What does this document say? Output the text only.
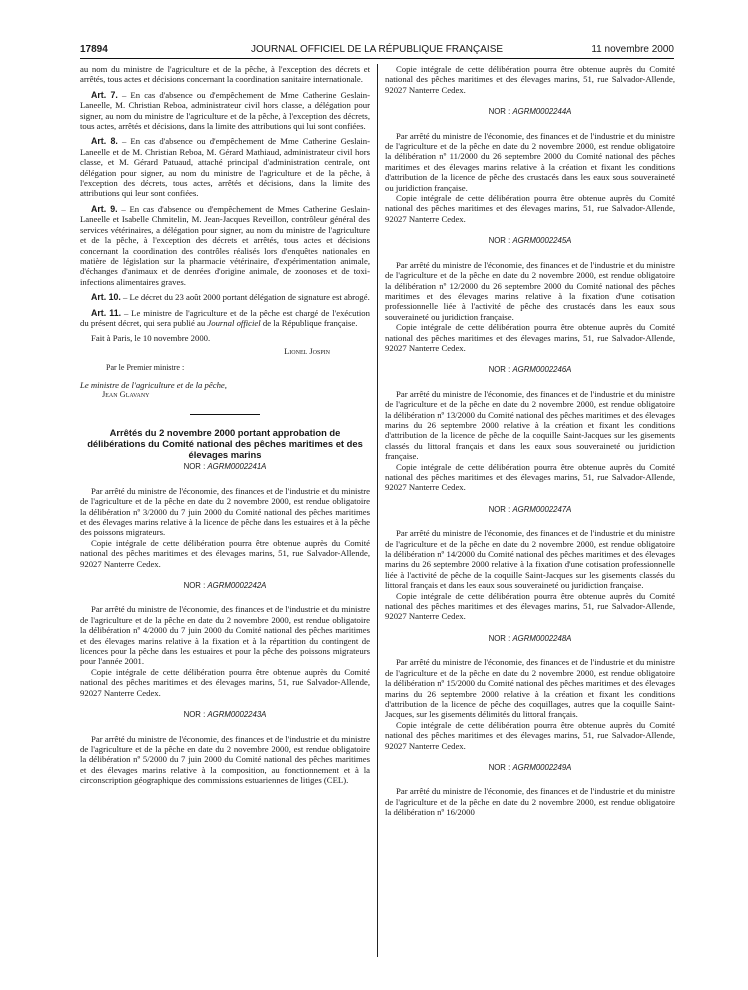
17894	JOURNAL OFFICIEL DE LA RÉPUBLIQUE FRANÇAISE	11 novembre 2000

au nom du ministre de l'agriculture et de la pêche, à l'exception des décrets et arrêtés, tous actes et décisions concernant la coordination sanitaire internationale.

Art. 7. – En cas d'absence ou d'empêchement de Mme Catherine Geslain-Laneelle, M. Christian Reboa, administrateur civil hors classe, a délégation pour signer, au nom du ministre de l'agriculture et de la pêche, à l'exception des décrets, tous actes, arrêtés et décisions, dans la limite des attributions qui lui sont confiées.

Art. 8. – En cas d'absence ou d'empêchement de Mme Catherine Geslain-Laneelle et de M. Christian Reboa, M. Gérard Mathiaud, administrateur civil hors classe, et M. Gérard Patuaud, attaché principal d'administration centrale, ont délégation pour signer, au nom du ministre de l'agriculture et de la pêche, à l'exception des décrets, tous actes, arrêtés et décisions, dans la limite des attributions qui leur sont confiées.

Art. 9. – En cas d'absence ou d'empêchement de Mmes Catherine Geslain-Laneelle et Isabelle Chmitelin, M. Jean-Jacques Reveillon, contrôleur général des services vétérinaires, a délégation pour signer, au nom du ministre de l'agriculture et de la pêche, à l'exception des décrets et arrêtés, tous actes et décisions concernant la coordination des contrôles réalisés lors d'enquêtes nationales en matière de législation sur la pharmacie vétérinaire, d'expérimentation animale, d'échanges d'animaux et de denrées d'origine animale, de zoonoses et de toxi-infections alimentaires graves.

Art. 10. – Le décret du 23 août 2000 portant délégation de signature est abrogé.

Art. 11. – Le ministre de l'agriculture et de la pêche est chargé de l'exécution du présent décret, qui sera publié au Journal officiel de la République française.

Fait à Paris, le 10 novembre 2000.

Lionel Jospin

Par le Premier ministre :

Le ministre de l'agriculture et de la pêche,

Jean Glavany

Arrêtés du 2 novembre 2000 portant approbation de délibérations du Comité national des pêches maritimes et des élevages marins

NOR : AGRM0002241A

Par arrêté du ministre de l'économie, des finances et de l'industrie et du ministre de l'agriculture et de la pêche en date du 2 novembre 2000, est rendue obligatoire la délibération nº 3/2000 du 7 juin 2000 du Comité national des pêches maritimes et des élevages marins relative à la licence de pêche dans les estuaires et à la pêche des poissons migrateurs.

Copie intégrale de cette délibération pourra être obtenue auprès du Comité national des pêches maritimes et des élevages marins, 51, rue Salvador-Allende, 92027 Nanterre Cedex.

NOR : AGRM0002242A

Par arrêté du ministre de l'économie, des finances et de l'industrie et du ministre de l'agriculture et de la pêche en date du 2 novembre 2000, est rendue obligatoire la délibération nº 4/2000 du 7 juin 2000 du Comité national des pêches maritimes et des élevages marins relative à la fixation et à la répartition du contingent de licences pour la pêche dans les estuaires et pour la pêche des poissons migrateurs pour l'année 2001.

Copie intégrale de cette délibération pourra être obtenue auprès du Comité national des pêches maritimes et des élevages marins, 51, rue Salvador-Allende, 92027 Nanterre Cedex.

NOR : AGRM0002243A

Par arrêté du ministre de l'économie, des finances et de l'industrie et du ministre de l'agriculture et de la pêche en date du 2 novembre 2000, est rendue obligatoire la délibération nº 5/2000 du 7 juin 2000 du Comité national des pêches maritimes et des élevages marins relative à la composition, au fonctionnement et à la circonscription géographique des commissions estuariennes de litiges (CEL).

Copie intégrale de cette délibération pourra être obtenue auprès du Comité national des pêches maritimes et des élevages marins, 51, rue Salvador-Allende, 92027 Nanterre Cedex.

NOR : AGRM0002244A

Par arrêté du ministre de l'économie, des finances et de l'industrie et du ministre de l'agriculture et de la pêche en date du 2 novembre 2000, est rendue obligatoire la délibération nº 11/2000 du 26 septembre 2000 du Comité national des pêches maritimes et des élevages marins relative à la création et fixant les conditions d'attribution de la licence de pêche des crustacés dans les eaux sous souveraineté ou juridiction française.

Copie intégrale de cette délibération pourra être obtenue auprès du Comité national des pêches maritimes et des élevages marins, 51, rue Salvador-Allende, 92027 Nanterre Cedex.

NOR : AGRM0002245A

Par arrêté du ministre de l'économie, des finances et de l'industrie et du ministre de l'agriculture et de la pêche en date du 2 novembre 2000, est rendue obligatoire la délibération nº 12/2000 du 26 septembre 2000 du Comité national des pêches maritimes et des élevages marins relative à la fixation d'une cotisation professionnelle liée à l'activité de pêche des crustacés dans les eaux sous souveraineté ou juridiction française.

Copie intégrale de cette délibération pourra être obtenue auprès du Comité national des pêches maritimes et des élevages marins, 51, rue Salvador-Allende, 92027 Nanterre Cedex.

NOR : AGRM0002246A

Par arrêté du ministre de l'économie, des finances et de l'industrie et du ministre de l'agriculture et de la pêche en date du 2 novembre 2000, est rendue obligatoire la délibération nº 13/2000 du Comité national des pêches maritimes et des élevages marins du 26 septembre 2000 relative à la création et fixant les conditions d'attribution de la licence de pêche de la coquille Saint-Jacques sur les gisements classés du littoral français et dans les eaux sous souveraineté ou juridiction française.

Copie intégrale de cette délibération pourra être obtenue auprès du Comité national des pêches maritimes et des élevages marins, 51, rue Salvador-Allende, 92027 Nanterre Cedex.

NOR : AGRM0002247A

Par arrêté du ministre de l'économie, des finances et de l'industrie et du ministre de l'agriculture et de la pêche en date du 2 novembre 2000, est rendue obligatoire la délibération nº 14/2000 du Comité national des pêches maritimes et des élevages marins du 26 septembre 2000 relative à la fixation d'une cotisation professionnelle liée à l'activité de pêche de la coquille Saint-Jacques sur les gisements classés du littoral français et dans les eaux sous souveraineté ou juridiction française.

Copie intégrale de cette délibération pourra être obtenue auprès du Comité national des pêches maritimes et des élevages marins, 51, rue Salvador-Allende, 92027 Nanterre Cedex.

NOR : AGRM0002248A

Par arrêté du ministre de l'économie, des finances et de l'industrie et du ministre de l'agriculture et de la pêche en date du 2 novembre 2000, est rendue obligatoire la délibération nº 15/2000 du Comité national des pêches maritimes et des élevages marins du 26 septembre 2000 relative à la création et fixant les conditions d'attribution de la licence de pêche des coquillages, autres que la coquille Saint-Jacques, sur les gisements délimités du littoral français.

Copie intégrale de cette délibération pourra être obtenue auprès du Comité national des pêches maritimes et des élevages marins, 51, rue Salvador-Allende, 92027 Nanterre Cedex.

NOR : AGRM0002249A

Par arrêté du ministre de l'économie, des finances et de l'industrie et du ministre de l'agriculture et de la pêche en date du 2 novembre 2000, est rendue obligatoire la délibération nº 16/2000
